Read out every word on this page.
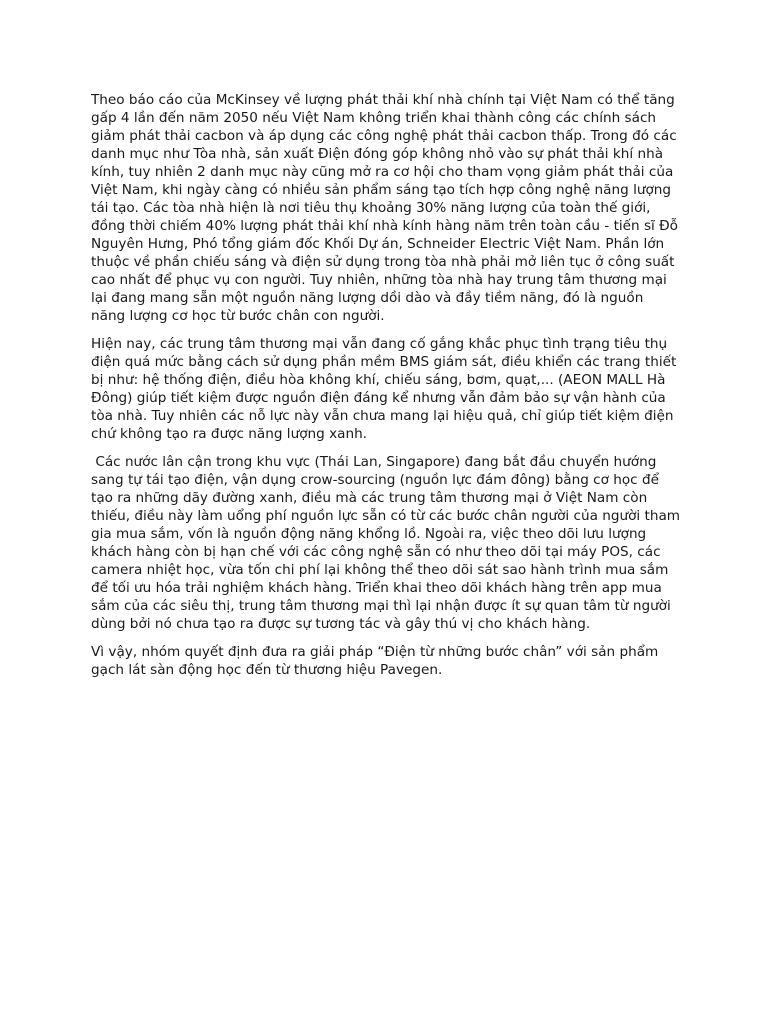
Theo báo cáo của McKinsey về lượng phát thải khí nhà chính tại Việt Nam có thể tăng gấp 4 lần đến năm 2050 nếu Việt Nam không triển khai thành công các chính sách giảm phát thải cacbon và áp dụng các công nghệ phát thải cacbon thấp. Trong đó các danh mục như Tòa nhà, sản xuất Điện đóng góp không nhỏ vào sự phát thải khí nhà kính, tuy nhiên 2 danh mục này cũng mở ra cơ hội cho tham vọng giảm phát thải của Việt Nam, khi ngày càng có nhiều sản phẩm sáng tạo tích hợp công nghệ năng lượng tái tạo. Các tòa nhà hiện là nơi tiêu thụ khoảng 30% năng lượng của toàn thế giới, đồng thời chiếm 40% lượng phát thải khí nhà kính hàng năm trên toàn cầu - tiến sĩ Đỗ Nguyên Hưng, Phó tổng giám đốc Khối Dự án, Schneider Electric Việt Nam. Phần lớn thuộc về phần chiếu sáng và điện sử dụng trong tòa nhà phải mở liên tục ở công suất cao nhất để phục vụ con người. Tuy nhiên, những tòa nhà hay trung tâm thương mại lại đang mang sẵn một nguồn năng lượng dồi dào và đầy tiềm năng, đó là nguồn năng lượng cơ học từ bước chân con người.

Hiện nay, các trung tâm thương mại vẫn đang cố gắng khắc phục tình trạng tiêu thụ điện quá mức bằng cách sử dụng phần mềm BMS giám sát, điều khiển các trang thiết bị như: hệ thống điện, điều hòa không khí, chiếu sáng, bơm, quạt,... (AEON MALL Hà Đông) giúp tiết kiệm được nguồn điện đáng kể nhưng vẫn đảm bảo sự vận hành của tòa nhà. Tuy nhiên các nỗ lực này vẫn chưa mang lại hiệu quả, chỉ giúp tiết kiệm điện chứ không tạo ra được năng lượng xanh.

Các nước lân cận trong khu vực (Thái Lan, Singapore) đang bắt đầu chuyển hướng sang tự tái tạo điện, vận dụng crow-sourcing (nguồn lực đám đông) bằng cơ học để tạo ra những dãy đường xanh, điều mà các trung tâm thương mại ở Việt Nam còn thiếu, điều này làm uổng phí nguồn lực sẵn có từ các bước chân người của người tham gia mua sắm, vốn là nguồn động năng khổng lồ. Ngoài ra, việc theo dõi lưu lượng khách hàng còn bị hạn chế với các công nghệ sẵn có như theo dõi tại máy POS, các camera nhiệt học, vừa tốn chi phí lại không thể theo dõi sát sao hành trình mua sắm để tối ưu hóa trải nghiệm khách hàng. Triển khai theo dõi khách hàng trên app mua sắm của các siêu thị, trung tâm thương mại thì lại nhận được ít sự quan tâm từ người dùng bởi nó chưa tạo ra được sự tương tác và gây thú vị cho khách hàng.

Vì vậy, nhóm quyết định đưa ra giải pháp “Điện từ những bước chân” với sản phẩm gạch lát sàn động học đến từ thương hiệu Pavegen.
